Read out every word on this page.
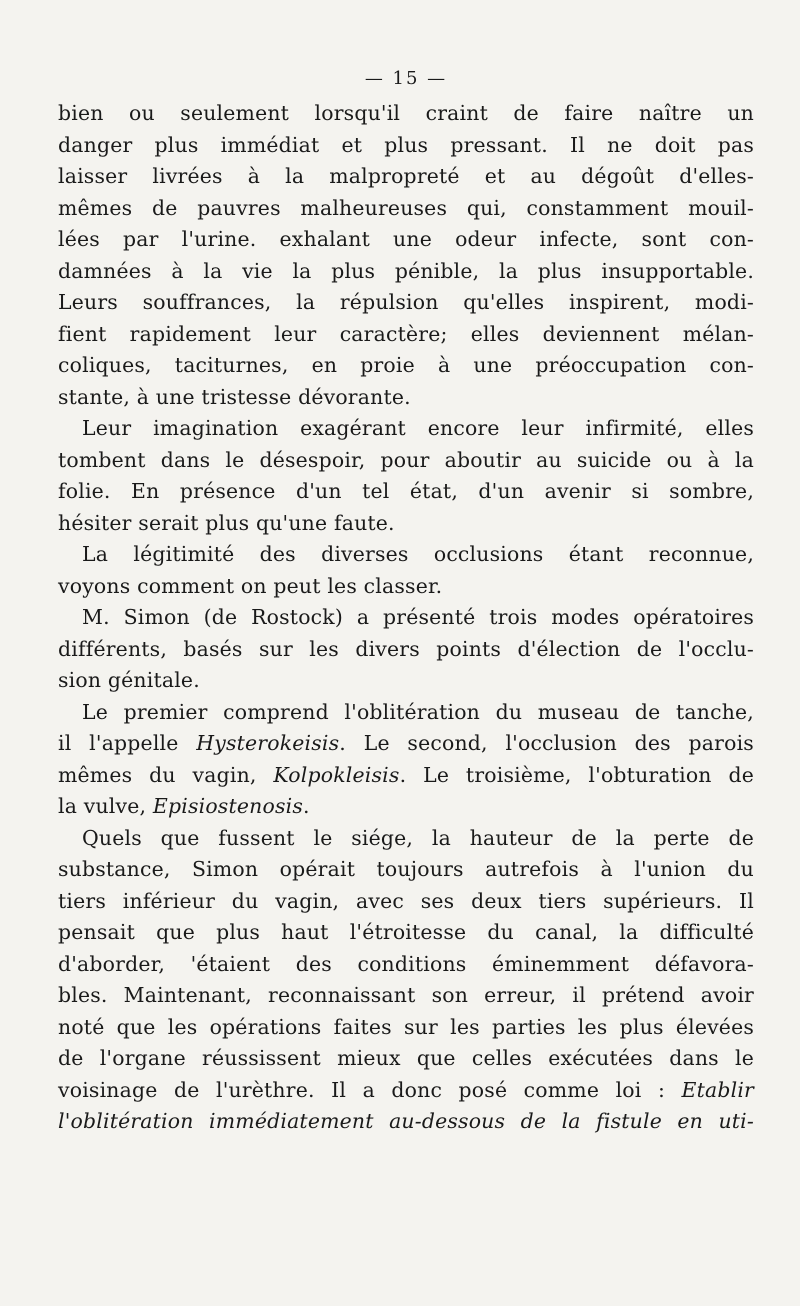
— 15 —
bien ou seulement lorsqu'il craint de faire naître un
danger plus immédiat et plus pressant. Il ne doit pas
laisser livrées à la malpropreté et au dégoût d'elles-
mêmes de pauvres malheureuses qui, constamment mouil-
lées par l'urine. exhalant une odeur infecte, sont con-
damnées à la vie la plus pénible, la plus insupportable.
Leurs souffrances, la répulsion qu'elles inspirent, modi-
fient rapidement leur caractère; elles deviennent mélan-
coliques, taciturnes, en proie à une préoccupation con-
stante, à une tristesse dévorante.
Leur imagination exagérant encore leur infirmité, elles
tombent dans le désespoir, pour aboutir au suicide ou à la
folie. En présence d'un tel état, d'un avenir si sombre,
hésiter serait plus qu'une faute.
La légitimité des diverses occlusions étant reconnue,
voyons comment on peut les classer.
M. Simon (de Rostock) a présenté trois modes opératoires
différents, basés sur les divers points d'élection de l'occlu-
sion génitale.
Le premier comprend l'oblitération du museau de tanche,
il l'appelle Hysterokeisis. Le second, l'occlusion des parois
mêmes du vagin, Kolpokleisis. Le troisième, l'obturation de
la vulve, Episiostenosis.
Quels que fussent le siége, la hauteur de la perte de
substance, Simon opérait toujours autrefois à l'union du
tiers inférieur du vagin, avec ses deux tiers supérieurs. Il
pensait que plus haut l'étroitesse du canal, la difficulté
d'aborder, 'étaient des conditions éminemment défavora-
bles. Maintenant, reconnaissant son erreur, il prétend avoir
noté que les opérations faites sur les parties les plus élevées
de l'organe réussissent mieux que celles exécutées dans le
voisinage de l'urèthre. Il a donc posé comme loi : Etablir
l'oblitération immédiatement au-dessous de la fistule en uti-
